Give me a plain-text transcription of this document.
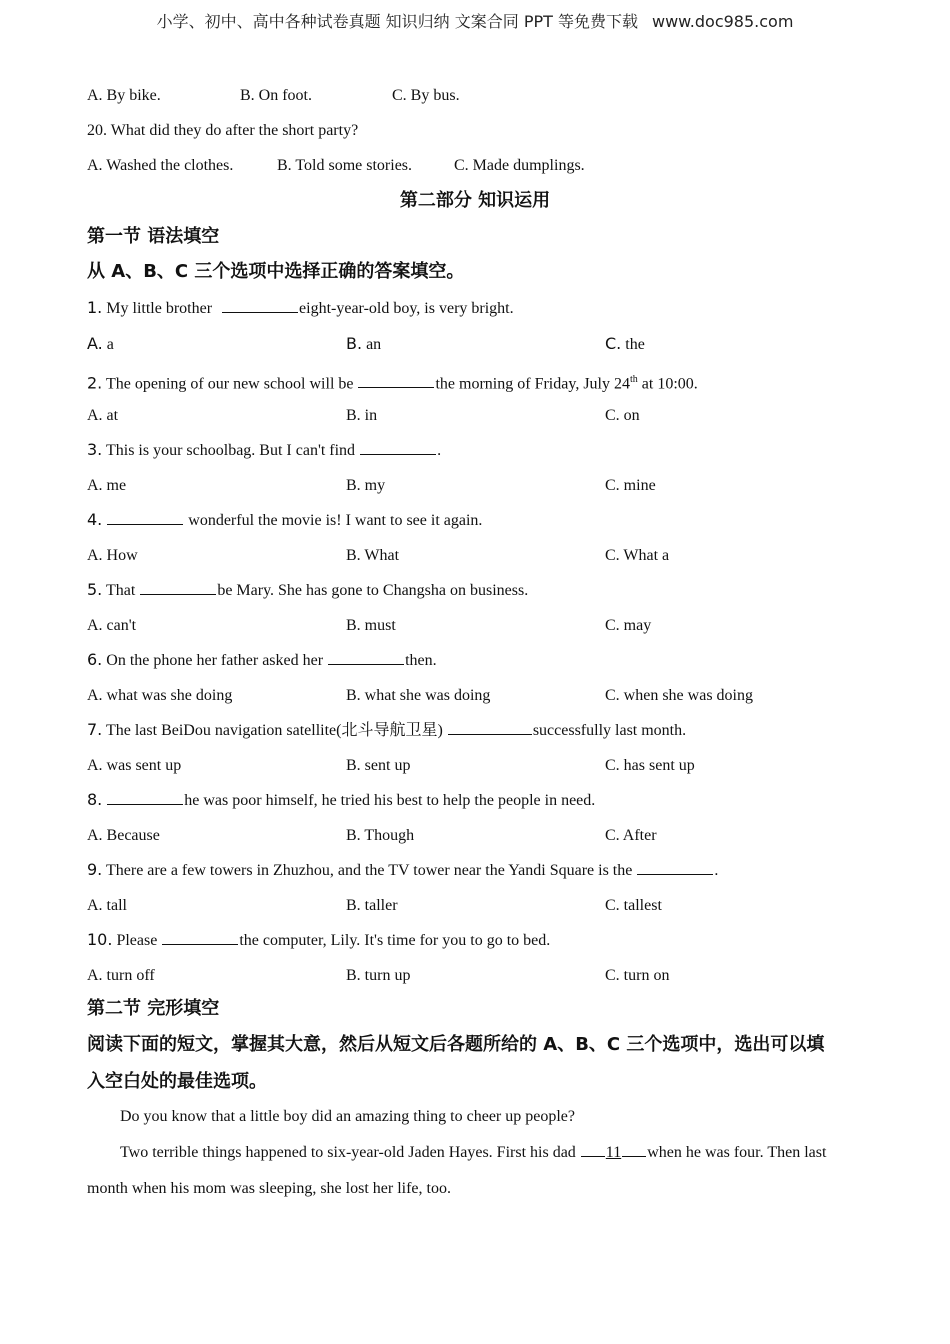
小学、初中、高中各种试卷真题 知识归纳 文案合同 PPT 等免费下载 www.doc985.com
A. By bike.	B. On foot.	C. By bus.
20. What did they do after the short party?
A. Washed the clothes.	B. Told some stories.	C. Made dumplings.
第二部分 知识运用
第一节 语法填空
从 A、B、C 三个选项中选择正确的答案填空。
1. My little brother	eight-year-old boy, is very bright.
A. a	B. an	C. the
2. The opening of our new school will be	the morning of Friday, July 24th at 10:00.
A. at	B. in	C. on
3. This is your schoolbag. But I can't find	.
A. me	B. my	C. mine
4.	wonderful the movie is! I want to see it again.
A. How	B. What	C. What a
5. That	be Mary. She has gone to Changsha on business.
A. can't	B. must	C. may
6. On the phone her father asked her	then.
A. what was she doing	B. what she was doing	C. when she was doing
7. The last BeiDou navigation satellite(北斗导航卫星)	successfully last month.
A. was sent up	B. sent up	C. has sent up
8.	he was poor himself, he tried his best to help the people in need.
A. Because	B. Though	C. After
9. There are a few towers in Zhuzhou, and the TV tower near the Yandi Square is the	.
A. tall	B. taller	C. tallest
10. Please	the computer, Lily. It's time for you to go to bed.
A. turn off	B. turn up	C. turn on
第二节 完形填空
阅读下面的短文，掌握其大意，然后从短文后各题所给的 A、B、C 三个选项中，选出可以填
入空白处的最佳选项。
Do you know that a little boy did an amazing thing to cheer up people?
Two terrible things happened to six-year-old Jaden Hayes. First his dad 11 when he was four. Then last
month when his mom was sleeping, she lost her life, too.
